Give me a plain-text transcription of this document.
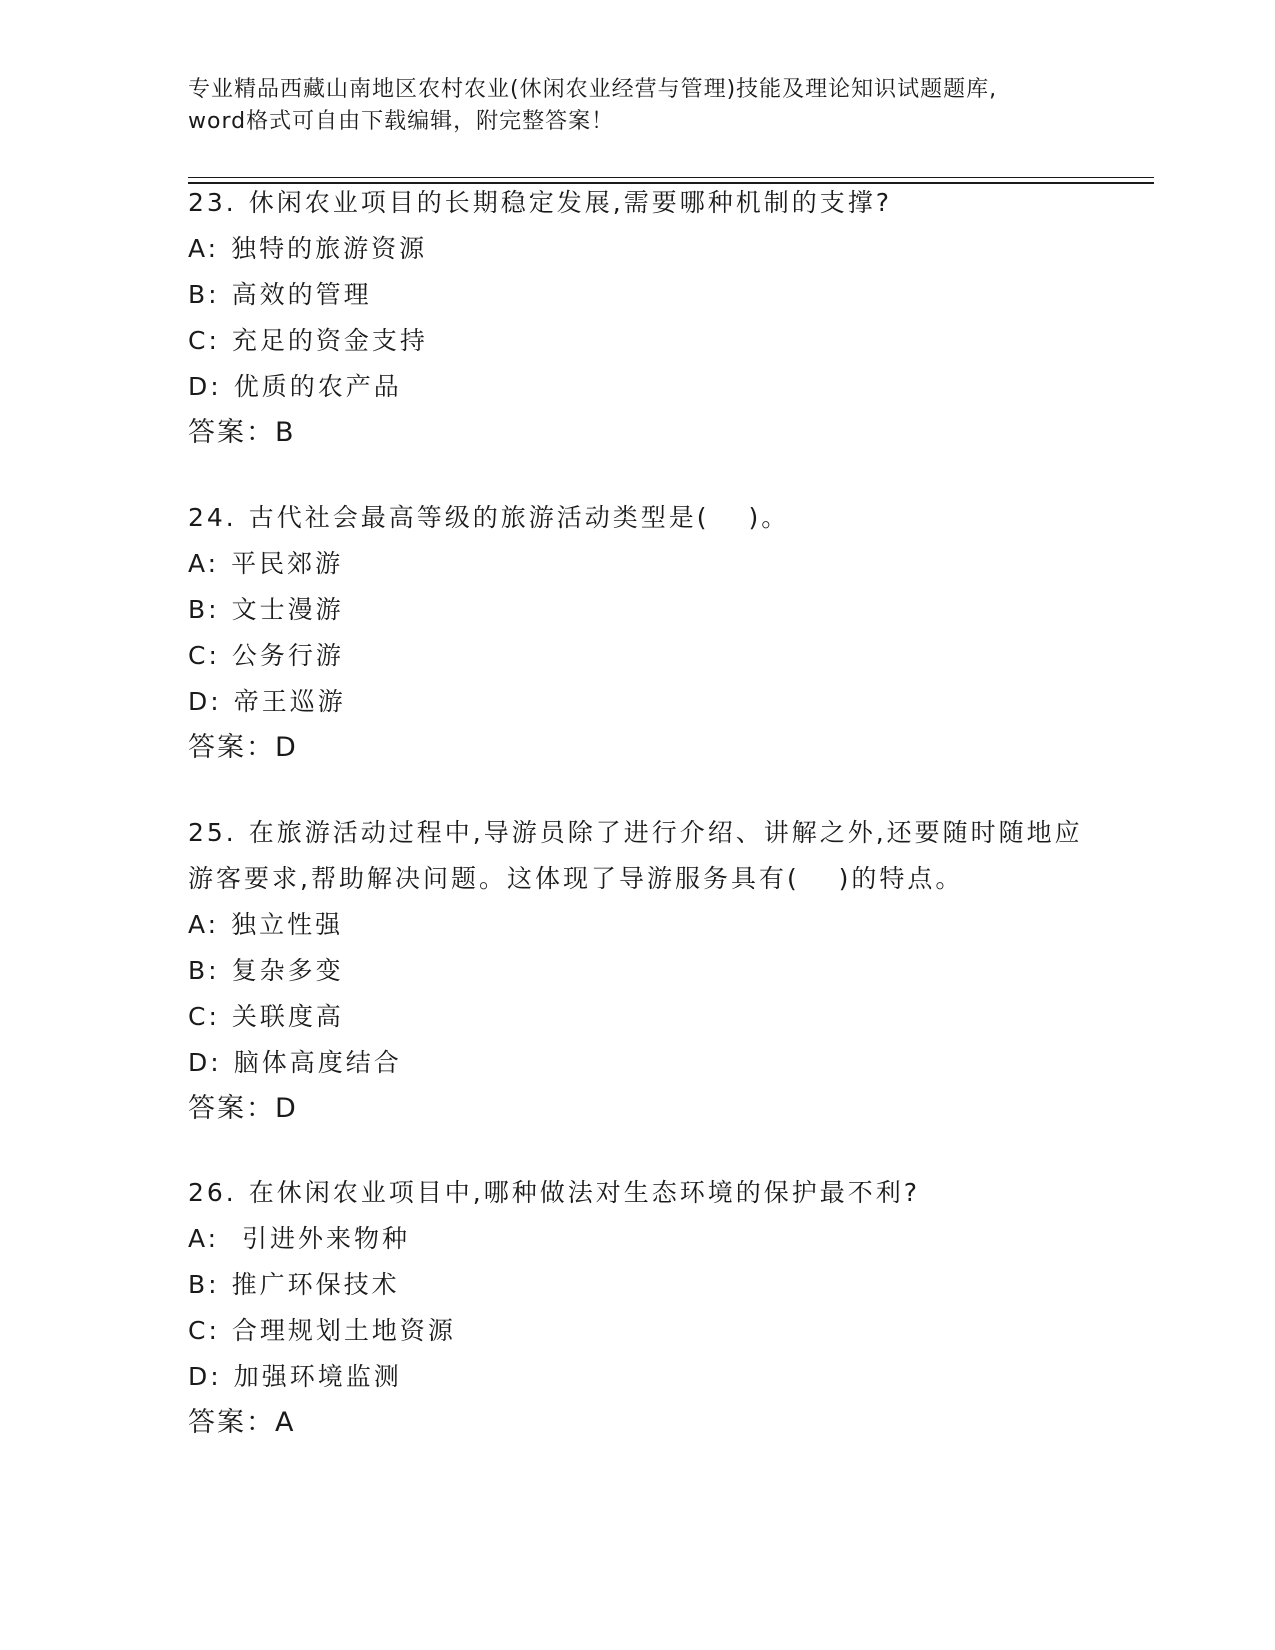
专业精品西藏山南地区农村农业(休闲农业经营与管理)技能及理论知识试题题库,
word格式可自由下载编辑，附完整答案！

23. 休闲农业项目的长期稳定发展,需要哪种机制的支撑?

A: 独特的旅游资源
B: 高效的管理
C: 充足的资金支持
D: 优质的农产品
答案：B

24. 古代社会最高等级的旅游活动类型是(　 )。

A: 平民郊游
B: 文士漫游
C: 公务行游
D: 帝王巡游
答案：D

25. 在旅游活动过程中,导游员除了进行介绍、讲解之外,还要随时随地应游客要求,帮助解决问题。这体现了导游服务具有(　 )的特点。

A: 独立性强
B: 复杂多变
C: 关联度高
D: 脑体高度结合
答案：D

26. 在休闲农业项目中,哪种做法对生态环境的保护最不利?

A: 引进外来物种
B: 推广环保技术
C: 合理规划土地资源
D: 加强环境监测
答案：A
